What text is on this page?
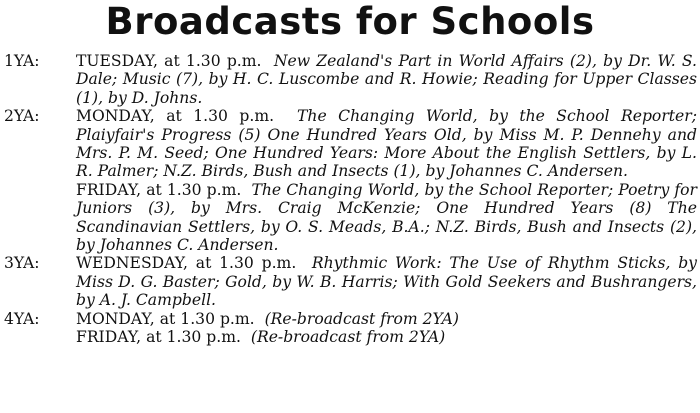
Broadcasts for Schools
1YA: TUESDAY, at 1.30 p.m. New Zealand's Part in World Affairs (2), by Dr. W. S. Dale; Music (7), by H. C. Luscombe and R. Howie; Reading for Upper Classes (1), by D. Johns.
2YA: MONDAY, at 1.30 p.m. The Changing World, by the School Reporter; Plaiyfair's Progress (5) One Hundred Years Old, by Miss M. P. Dennehy and Mrs. P. M. Seed; One Hundred Years: More About the English Settlers, by L. R. Palmer; N.Z. Birds, Bush and Insects (1), by Johannes C. Andersen.
FRIDAY, at 1.30 p.m. The Changing World, by the School Reporter; Poetry for Juniors (3), by Mrs. Craig McKenzie; One Hundred Years (8) The Scandinavian Settlers, by O. S. Meads, B.A.; N.Z. Birds, Bush and Insects (2), by Johannes C. Andersen.
3YA: WEDNESDAY, at 1.30 p.m. Rhythmic Work: The Use of Rhythm Sticks, by Miss D. G. Baster; Gold, by W. B. Harris; With Gold Seekers and Bushrangers, by A. J. Campbell.
4YA: MONDAY, at 1.30 p.m. (Re-broadcast from 2YA)
FRIDAY, at 1.30 p.m. (Re-broadcast from 2YA)
